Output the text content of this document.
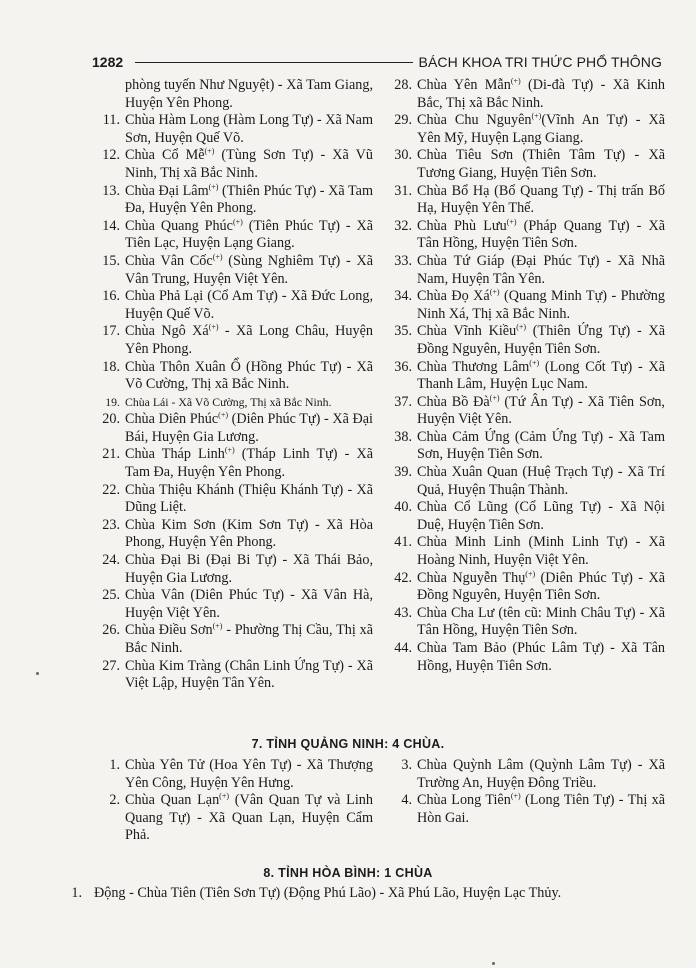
1282	BÁCH KHOA TRI THỨC PHỔ THÔNG
phòng tuyến Như Nguyệt) - Xã Tam Giang, Huyện Yên Phong.
11. Chùa Hàm Long (Hàm Long Tự) - Xã Nam Sơn, Huyện Quế Võ.
12. Chùa Cổ Mễ(+) (Tùng Sơn Tự) - Xã Vũ Ninh, Thị xã Bắc Ninh.
13. Chùa Đại Lâm(+) (Thiên Phúc Tự) - Xã Tam Đa, Huyện Yên Phong.
14. Chùa Quang Phúc(+) (Tiên Phúc Tự) - Xã Tiên Lạc, Huyện Lạng Giang.
15. Chùa Vân Cốc(+) (Sùng Nghiêm Tự) - Xã Vân Trung, Huyện Việt Yên.
16. Chùa Phả Lại (Cổ Am Tự) - Xã Đức Long, Huyện Quế Võ.
17. Chùa Ngô Xá(+) - Xã Long Châu, Huyện Yên Phong.
18. Chùa Thôn Xuân Ổ (Hồng Phúc Tự) - Xã Võ Cường, Thị xã Bắc Ninh.
19. Chùa Lái - Xã Võ Cường, Thị xã Bắc Ninh.
20. Chùa Diên Phúc(+) (Diên Phúc Tự) - Xã Đại Bái, Huyện Gia Lương.
21. Chùa Tháp Linh(+) (Tháp Linh Tự) - Xã Tam Đa, Huyện Yên Phong.
22. Chùa Thiệu Khánh (Thiệu Khánh Tự) - Xã Dũng Liệt.
23. Chùa Kim Sơn (Kim Sơn Tự) - Xã Hòa Phong, Huyện Yên Phong.
24. Chùa Đại Bi (Đại Bi Tự) - Xã Thái Bảo, Huyện Gia Lương.
25. Chùa Vân (Diên Phúc Tự) - Xã Vân Hà, Huyện Việt Yên.
26. Chùa Điều Sơn(+) - Phường Thị Cầu, Thị xã Bắc Ninh.
27. Chùa Kim Tràng (Chân Linh Ứng Tự) - Xã Việt Lập, Huyện Tân Yên.
28. Chùa Yên Mẫn(+) (Di-đà Tự) - Xã Kinh Bắc, Thị xã Bắc Ninh.
29. Chùa Chu Nguyên(+)(Vĩnh An Tự) - Xã Yên Mỹ, Huyện Lạng Giang.
30. Chùa Tiêu Sơn (Thiên Tâm Tự) - Xã Tương Giang, Huyện Tiên Sơn.
31. Chùa Bổ Hạ (Bổ Quang Tự) - Thị trấn Bố Hạ, Huyện Yên Thế.
32. Chùa Phù Lưu(+) (Pháp Quang Tự) - Xã Tân Hồng, Huyện Tiên Sơn.
33. Chùa Tứ Giáp (Đại Phúc Tự) - Xã Nhã Nam, Huyện Tân Yên.
34. Chùa Đọ Xá(+) (Quang Minh Tự) - Phường Ninh Xá, Thị xã Bắc Ninh.
35. Chùa Vĩnh Kiều(+) (Thiên Ứng Tự) - Xã Đồng Nguyên, Huyện Tiên Sơn.
36. Chùa Thương Lâm(+) (Long Cốt Tự) - Xã Thanh Lâm, Huyện Lục Nam.
37. Chùa Bồ Đà(+) (Tứ Ân Tự) - Xã Tiên Sơn, Huyện Việt Yên.
38. Chùa Cảm Ứng (Cảm Ứng Tự) - Xã Tam Sơn, Huyện Tiên Sơn.
39. Chùa Xuân Quan (Huệ Trạch Tự) - Xã Trí Quả, Huyện Thuận Thành.
40. Chùa Cổ Lũng (Cổ Lũng Tự) - Xã Nội Duệ, Huyện Tiên Sơn.
41. Chùa Minh Linh (Minh Linh Tự) - Xã Hoàng Ninh, Huyện Việt Yên.
42. Chùa Nguyễn Thụ(+) (Diên Phúc Tự) - Xã Đồng Nguyên, Huyện Tiên Sơn.
43. Chùa Cha Lư (tên cũ: Minh Châu Tự) - Xã Tân Hồng, Huyện Tiên Sơn.
44. Chùa Tam Bảo (Phúc Lâm Tự) - Xã Tân Hồng, Huyện Tiên Sơn.
7. TỈNH QUẢNG NINH: 4 CHÙA.
1. Chùa Yên Tử (Hoa Yên Tự) - Xã Thượng Yên Công, Huyện Yên Hưng.
2. Chùa Quan Lạn(+) (Vân Quan Tự và Linh Quang Tự) - Xã Quan Lạn, Huyện Cẩm Phả.
3. Chùa Quỳnh Lâm (Quỳnh Lâm Tự) - Xã Trường An, Huyện Đông Triều.
4. Chùa Long Tiên(+) (Long Tiên Tự) - Thị xã Hòn Gai.
8. TỈNH HÒA BÌNH: 1 CHÙA
1. Động - Chùa Tiên (Tiên Sơn Tự) (Động Phú Lão) - Xã Phú Lão, Huyện Lạc Thủy.
